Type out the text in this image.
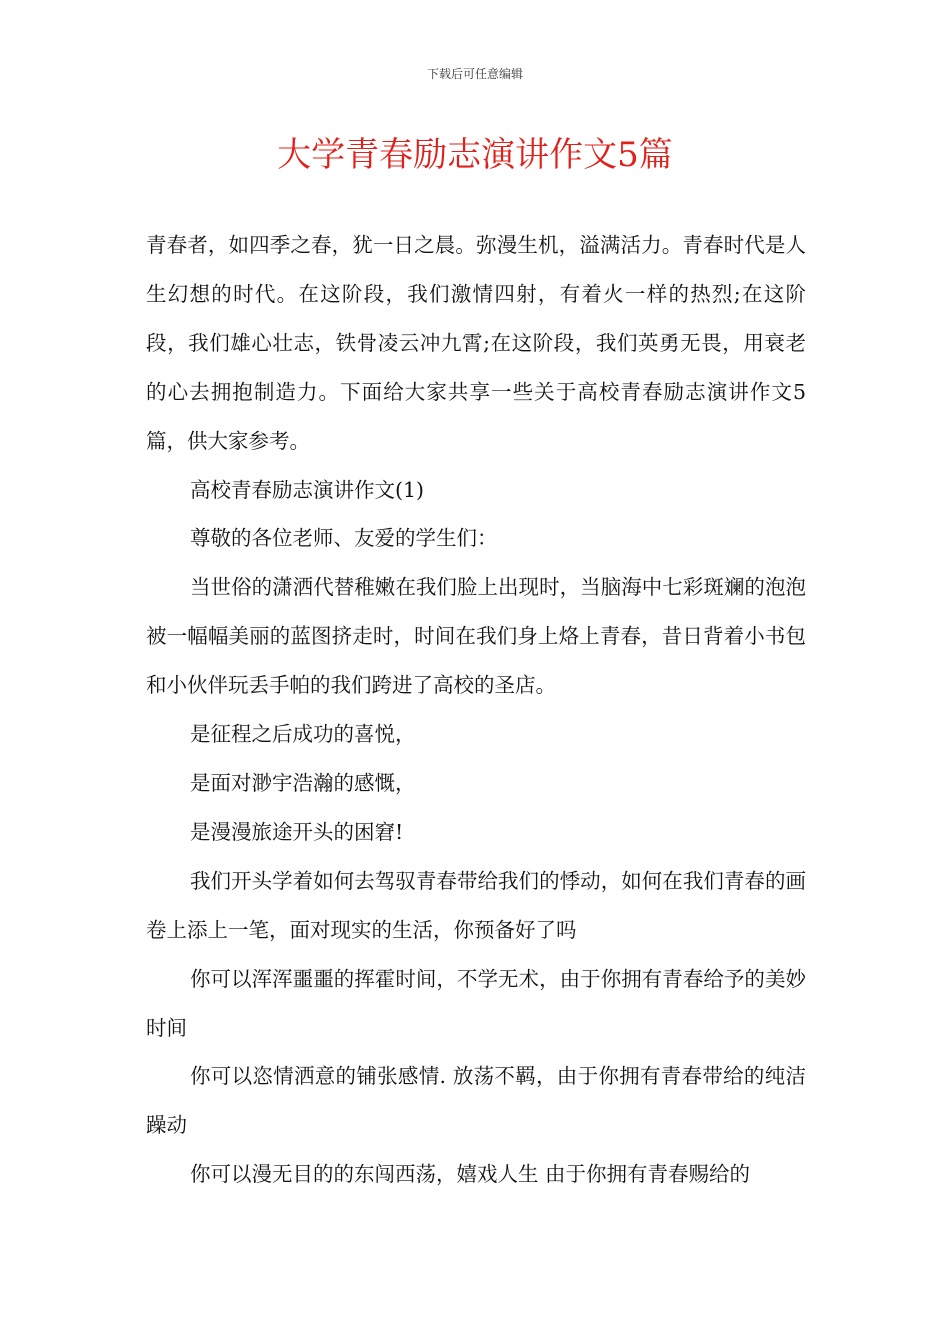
下载后可任意编辑
大学青春励志演讲作文5篇

青春者，如四季之春，犹一日之晨。弥漫生机，溢满活力。青春时代是人生幻想的时代。在这阶段，我们激情四射，有着火一样的热烈;在这阶段，我们雄心壮志，铁骨凌云冲九霄;在这阶段，我们英勇无畏，用衰老的心去拥抱制造力。下面给大家共享一些关于高校青春励志演讲作文5篇，供大家参考。

高校青春励志演讲作文(1)

尊敬的各位老师、友爱的学生们：

当世俗的潇洒代替稚嫩在我们脸上出现时，当脑海中七彩斑斓的泡泡被一幅幅美丽的蓝图挤走时，时间在我们身上烙上青春，昔日背着小书包和小伙伴玩丢手帕的我们跨进了高校的圣店。

是征程之后成功的喜悦，

是面对渺宇浩瀚的感慨，

是漫漫旅途开头的困窘!

我们开头学着如何去驾驭青春带给我们的悸动，如何在我们青春的画卷上添上一笔，面对现实的生活，你预备好了吗

你可以浑浑噩噩的挥霍时间，不学无术，由于你拥有青春给予的美妙时间

你可以恣情洒意的铺张感情. 放荡不羁，由于你拥有青春带给的纯洁躁动

你可以漫无目的的东闯西荡，嬉戏人生 由于你拥有青春赐给的
